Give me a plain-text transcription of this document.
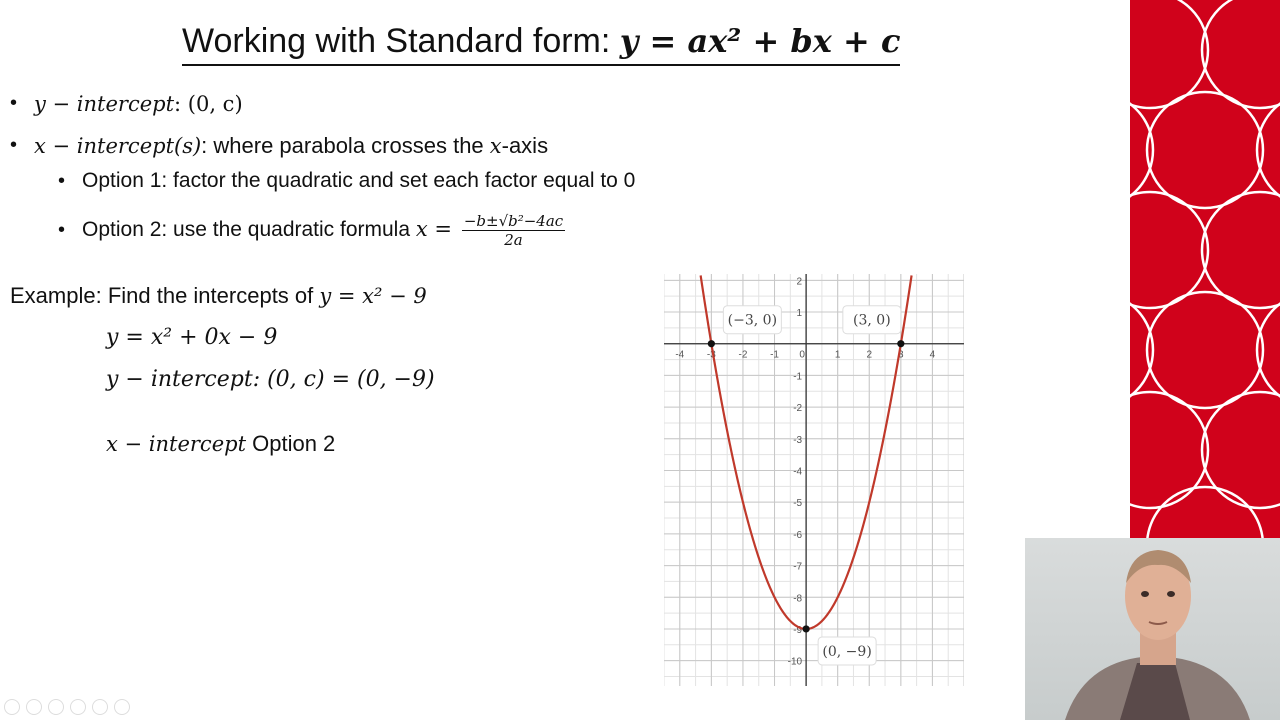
Working with Standard form: y = ax² + bx + c
• y − intercept: (0, c)
• x − intercept(s): where parabola crosses the x-axis
• Option 1: factor the quadratic and set each factor equal to 0
• Option 2: use the quadratic formula $x = \frac{\text{−b±√b²−4ac}}{2a}$
Example: Find the intercepts of y = x² − 9
y = x² + 0x − 9
y − intercept: (0, c) = (0, −9)
x − intercept Option 2
-4 -3 -2 -1 0	1	2	3	4
2
1
-1
-2
-3
-4
-5
-6
-7
-8
-9
-10
(−3, 0)	(3, 0)
(0, −9)
